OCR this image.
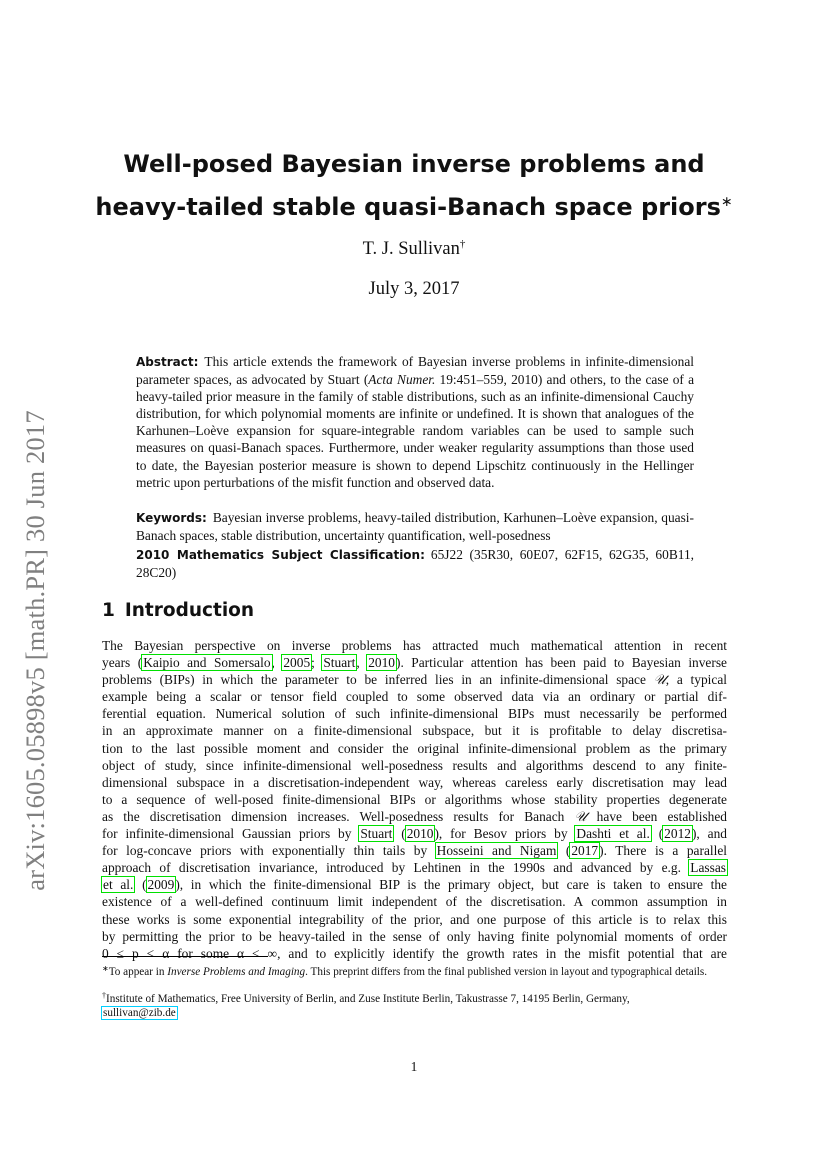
arXiv:1605.05898v5 [math.PR] 30 Jun 2017
Well-posed Bayesian inverse problems and
heavy-tailed stable quasi-Banach space priors∗
T. J. Sullivan†
July 3, 2017
Abstract: This article extends the framework of Bayesian inverse problems in infinite-dimensional parameter spaces, as advocated by Stuart (Acta Numer. 19:451–559, 2010) and others, to the case of a heavy-tailed prior measure in the family of stable distributions, such as an infinite-dimensional Cauchy distribution, for which polynomial moments are infinite or undefined. It is shown that analogues of the Karhunen–Loève expansion for square-integrable random variables can be used to sample such measures on quasi-Banach spaces. Furthermore, under weaker regularity assumptions than those used to date, the Bayesian posterior measure is shown to depend Lipschitz continuously in the Hellinger metric upon perturbations of the misfit function and observed data.
Keywords: Bayesian inverse problems, heavy-tailed distribution, Karhunen–Loève expansion, quasi-Banach spaces, stable distribution, uncertainty quantification, well-posedness
2010 Mathematics Subject Classification: 65J22 (35R30, 60E07, 62F15, 62G35, 60B11, 28C20)
1 Introduction
The Bayesian perspective on inverse problems has attracted much mathematical attention in recent
years (Kaipio and Somersalo, 2005; Stuart, 2010). Particular attention has been paid to Bayesian inverse
problems (BIPs) in which the parameter to be inferred lies in an infinite-dimensional space 𝒰, a typical
example being a scalar or tensor field coupled to some observed data via an ordinary or partial dif-
ferential equation. Numerical solution of such infinite-dimensional BIPs must necessarily be performed
in an approximate manner on a finite-dimensional subspace, but it is profitable to delay discretisa-
tion to the last possible moment and consider the original infinite-dimensional problem as the primary
object of study, since infinite-dimensional well-posedness results and algorithms descend to any finite-
dimensional subspace in a discretisation-independent way, whereas careless early discretisation may lead
to a sequence of well-posed finite-dimensional BIPs or algorithms whose stability properties degenerate
as the discretisation dimension increases. Well-posedness results for Banach 𝒰 have been established
for infinite-dimensional Gaussian priors by Stuart (2010), for Besov priors by Dashti et al. (2012), and
for log-concave priors with exponentially thin tails by Hosseini and Nigam (2017). There is a parallel
approach of discretisation invariance, introduced by Lehtinen in the 1990s and advanced by e.g. Lassas
et al. (2009), in which the finite-dimensional BIP is the primary object, but care is taken to ensure the
existence of a well-defined continuum limit independent of the discretisation. A common assumption in
these works is some exponential integrability of the prior, and one purpose of this article is to relax this
by permitting the prior to be heavy-tailed in the sense of only having finite polynomial moments of order
0 ≤ p < α for some α < ∞, and to explicitly identify the growth rates in the misfit potential that are
∗To appear in Inverse Problems and Imaging. This preprint differs from the final published version in layout and typographical details.
†Institute of Mathematics, Free University of Berlin, and Zuse Institute Berlin, Takustrasse 7, 14195 Berlin, Germany,
sullivan@zib.de
1
